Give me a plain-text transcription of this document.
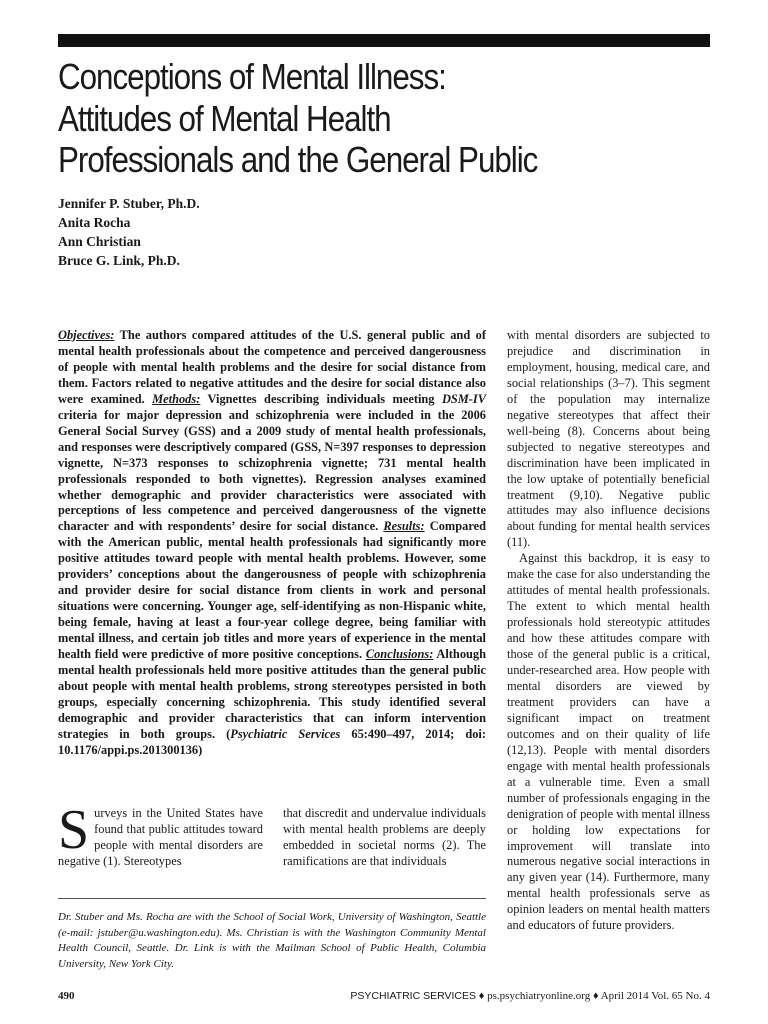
Conceptions of Mental Illness:
Attitudes of Mental Health
Professionals and the General Public
Jennifer P. Stuber, Ph.D.
Anita Rocha
Ann Christian
Bruce G. Link, Ph.D.
Objectives: The authors compared attitudes of the U.S. general public and of mental health professionals about the competence and perceived dangerousness of people with mental health problems and the desire for social distance from them. Factors related to negative attitudes and the desire for social distance also were examined. Methods: Vignettes describing individuals meeting DSM-IV criteria for major depression and schizophrenia were included in the 2006 General Social Survey (GSS) and a 2009 study of mental health professionals, and responses were descriptively compared (GSS, N=397 responses to depression vignette, N=373 responses to schizophrenia vignette; 731 mental health professionals responded to both vignettes). Regression analyses examined whether demographic and provider characteristics were associated with perceptions of less competence and perceived dangerousness of the vignette character and with respondents’ desire for social distance. Results: Compared with the American public, mental health professionals had significantly more positive attitudes toward people with mental health problems. However, some providers’ conceptions about the dangerousness of people with schizophrenia and provider desire for social distance from clients in work and personal situations were concerning. Younger age, self-identifying as non-Hispanic white, being female, having at least a four-year college degree, being familiar with mental illness, and certain job titles and more years of experience in the mental health field were predictive of more positive conceptions. Conclusions: Although mental health professionals held more positive attitudes than the general public about people with mental health problems, strong stereotypes persisted in both groups, especially concerning schizophrenia. This study identified several demographic and provider characteristics that can inform intervention strategies in both groups. (Psychiatric Services 65:490–497, 2014; doi: 10.1176/appi.ps.201300136)
Surveys in the United States have found that public attitudes toward people with mental disorders are negative (1). Stereotypes
that discredit and undervalue individuals with mental health problems are deeply embedded in societal norms (2). The ramifications are that individuals

with mental disorders are subjected to prejudice and discrimination in employment, housing, medical care, and social relationships (3–7). This segment of the population may internalize negative stereotypes that affect their well-being (8). Concerns about being subjected to negative stereotypes and discrimination have been implicated in the low uptake of potentially beneficial treatment (9,10). Negative public attitudes may also influence decisions about funding for mental health services (11).

Against this backdrop, it is easy to make the case for also understanding the attitudes of mental health professionals. The extent to which mental health professionals hold stereotypic attitudes and how these attitudes compare with those of the general public is a critical, under-researched area. How people with mental disorders are viewed by treatment providers can have a significant impact on treatment outcomes and on their quality of life (12,13). People with mental disorders engage with mental health professionals at a vulnerable time. Even a small number of professionals engaging in the denigration of people with mental illness or holding low expectations for improvement will translate into numerous negative social interactions in any given year (14). Furthermore, many mental health professionals serve as opinion leaders on mental health matters and educators of future providers.

Dr. Stuber and Ms. Rocha are with the School of Social Work, University of Washington, Seattle (e-mail: jstuber@u.washington.edu). Ms. Christian is with the Washington Community Mental Health Council, Seattle. Dr. Link is with the Mailman School of Public Health, Columbia University, New York City.
490	PSYCHIATRIC SERVICES ♦ ps.psychiatryonline.org ♦ April 2014 Vol. 65 No. 4
